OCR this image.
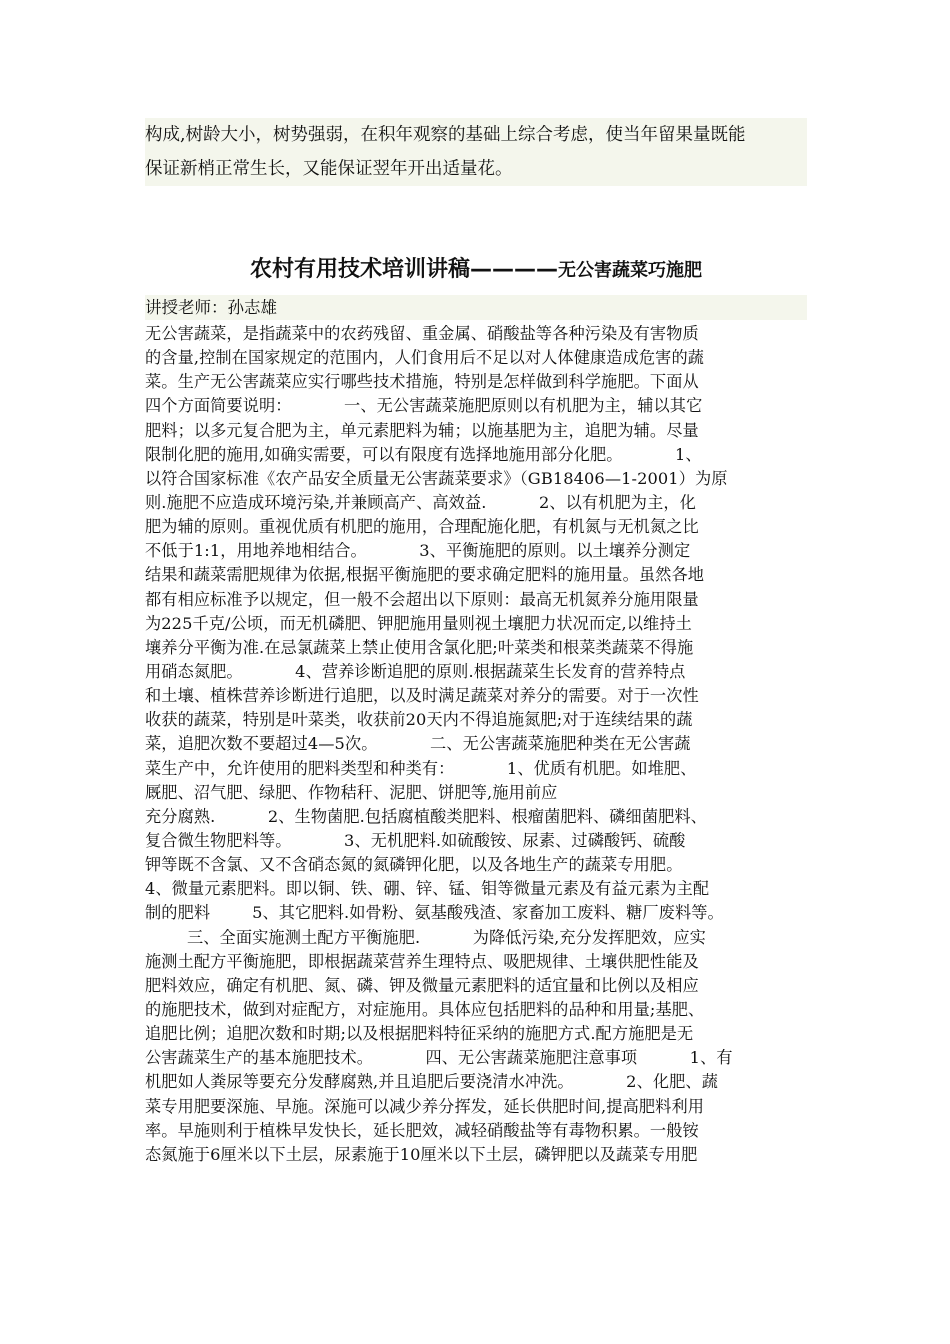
构成,树龄大小，树势强弱，在积年观察的基础上综合考虑，使当年留果量既能
保证新梢正常生长，又能保证翌年开出适量花。
农村有用技术培训讲稿————无公害蔬菜巧施肥
讲授老师：孙志雄
无公害蔬菜，是指蔬菜中的农药残留、重金属、硝酸盐等各种污染及有害物质
的含量,控制在国家规定的范围内，人们食用后不足以对人体健康造成危害的蔬
菜。生产无公害蔬菜应实行哪些技术措施，特别是怎样做到科学施肥。下面从
四个方面简要说明：          一、无公害蔬菜施肥原则以有机肥为主，辅以其它
肥料；以多元复合肥为主，单元素肥料为辅；以施基肥为主，追肥为辅。尽量
限制化肥的施用,如确实需要，可以有限度有选择地施用部分化肥。          1、
以符合国家标准《农产品安全质量无公害蔬菜要求》（GB18406—1-2001）为原
则.施肥不应造成环境污染,并兼顾高产、高效益.          2、以有机肥为主，化
肥为辅的原则。重视优质有机肥的施用，合理配施化肥，有机氮与无机氮之比
不低于1:1，用地养地相结合。          3、平衡施肥的原则。以土壤养分测定
结果和蔬菜需肥规律为依据,根据平衡施肥的要求确定肥料的施用量。虽然各地
都有相应标准予以规定，但一般不会超出以下原则：最高无机氮养分施用限量
为225千克/公顷，而无机磷肥、钾肥施用量则视土壤肥力状况而定,以维持土
壤养分平衡为准.在忌氯蔬菜上禁止使用含氯化肥;叶菜类和根菜类蔬菜不得施
用硝态氮肥。          4、营养诊断追肥的原则.根据蔬菜生长发育的营养特点
和土壤、植株营养诊断进行追肥，以及时满足蔬菜对养分的需要。对于一次性
收获的蔬菜，特别是叶菜类，收获前20天内不得追施氮肥;对于连续结果的蔬
菜，追肥次数不要超过4—5次。          二、无公害蔬菜施肥种类在无公害蔬
菜生产中，允许使用的肥料类型和种类有：          1、优质有机肥。如堆肥、
厩肥、沼气肥、绿肥、作物秸秆、泥肥、饼肥等,施用前应
充分腐熟.          2、生物菌肥.包括腐植酸类肥料、根瘤菌肥料、磷细菌肥料、
复合微生物肥料等。          3、无机肥料.如硫酸铵、尿素、过磷酸钙、硫酸
钾等既不含氯、又不含硝态氮的氮磷钾化肥，以及各地生产的蔬菜专用肥。
4、微量元素肥料。即以铜、铁、硼、锌、锰、钼等微量元素及有益元素为主配
制的肥料        5、其它肥料.如骨粉、氨基酸残渣、家畜加工废料、糖厂废料等。
三、全面实施测土配方平衡施肥.          为降低污染,充分发挥肥效，应实
施测土配方平衡施肥，即根据蔬菜营养生理特点、吸肥规律、土壤供肥性能及
肥料效应，确定有机肥、氮、磷、钾及微量元素肥料的适宜量和比例以及相应
的施肥技术，做到对症配方，对症施用。具体应包括肥料的品种和用量;基肥、
追肥比例；追肥次数和时期;以及根据肥料特征采纳的施肥方式.配方施肥是无
公害蔬菜生产的基本施肥技术。          四、无公害蔬菜施肥注意事项          1、有
机肥如人粪尿等要充分发酵腐熟,并且追肥后要浇清水冲洗。          2、化肥、蔬
菜专用肥要深施、早施。深施可以减少养分挥发，延长供肥时间,提高肥料利用
率。早施则利于植株早发快长，延长肥效，减轻硝酸盐等有毒物积累。一般铵
态氮施于6厘米以下土层，尿素施于10厘米以下土层，磷钾肥以及蔬菜专用肥
